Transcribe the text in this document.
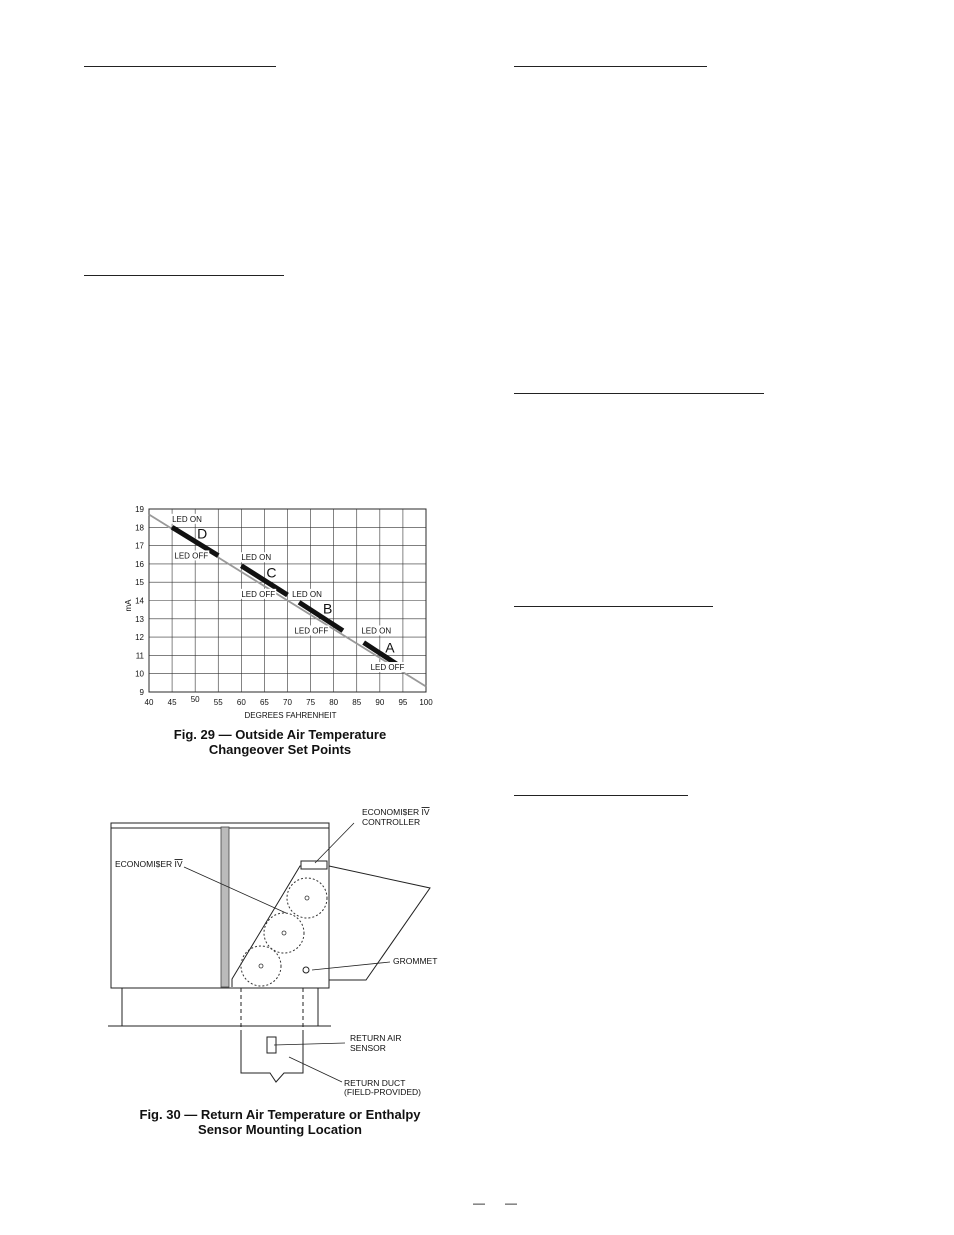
40 45 50 55 60 65 70 75 80 85 90 95 100
9
10
11
12
13
14
15
16
17
18
19
DEGREES FAHRENHEIT
mA
D
C
B
A
LED ON
LED OFF	LED ON
LED OFF LED ON
LED OFF	LED ON
LED OFF
Fig. 29 — Outside Air Temperature
Changeover Set Points
ECONOMI$ER IV
ECONOMI$ER IV
CONTROLLER
GROMMET
RETURN AIR
SENSOR
RETURN DUCT
(FIELD-PROVIDED)
Fig. 30 — Return Air Temperature or Enthalpy
Sensor Mounting Location
— —
